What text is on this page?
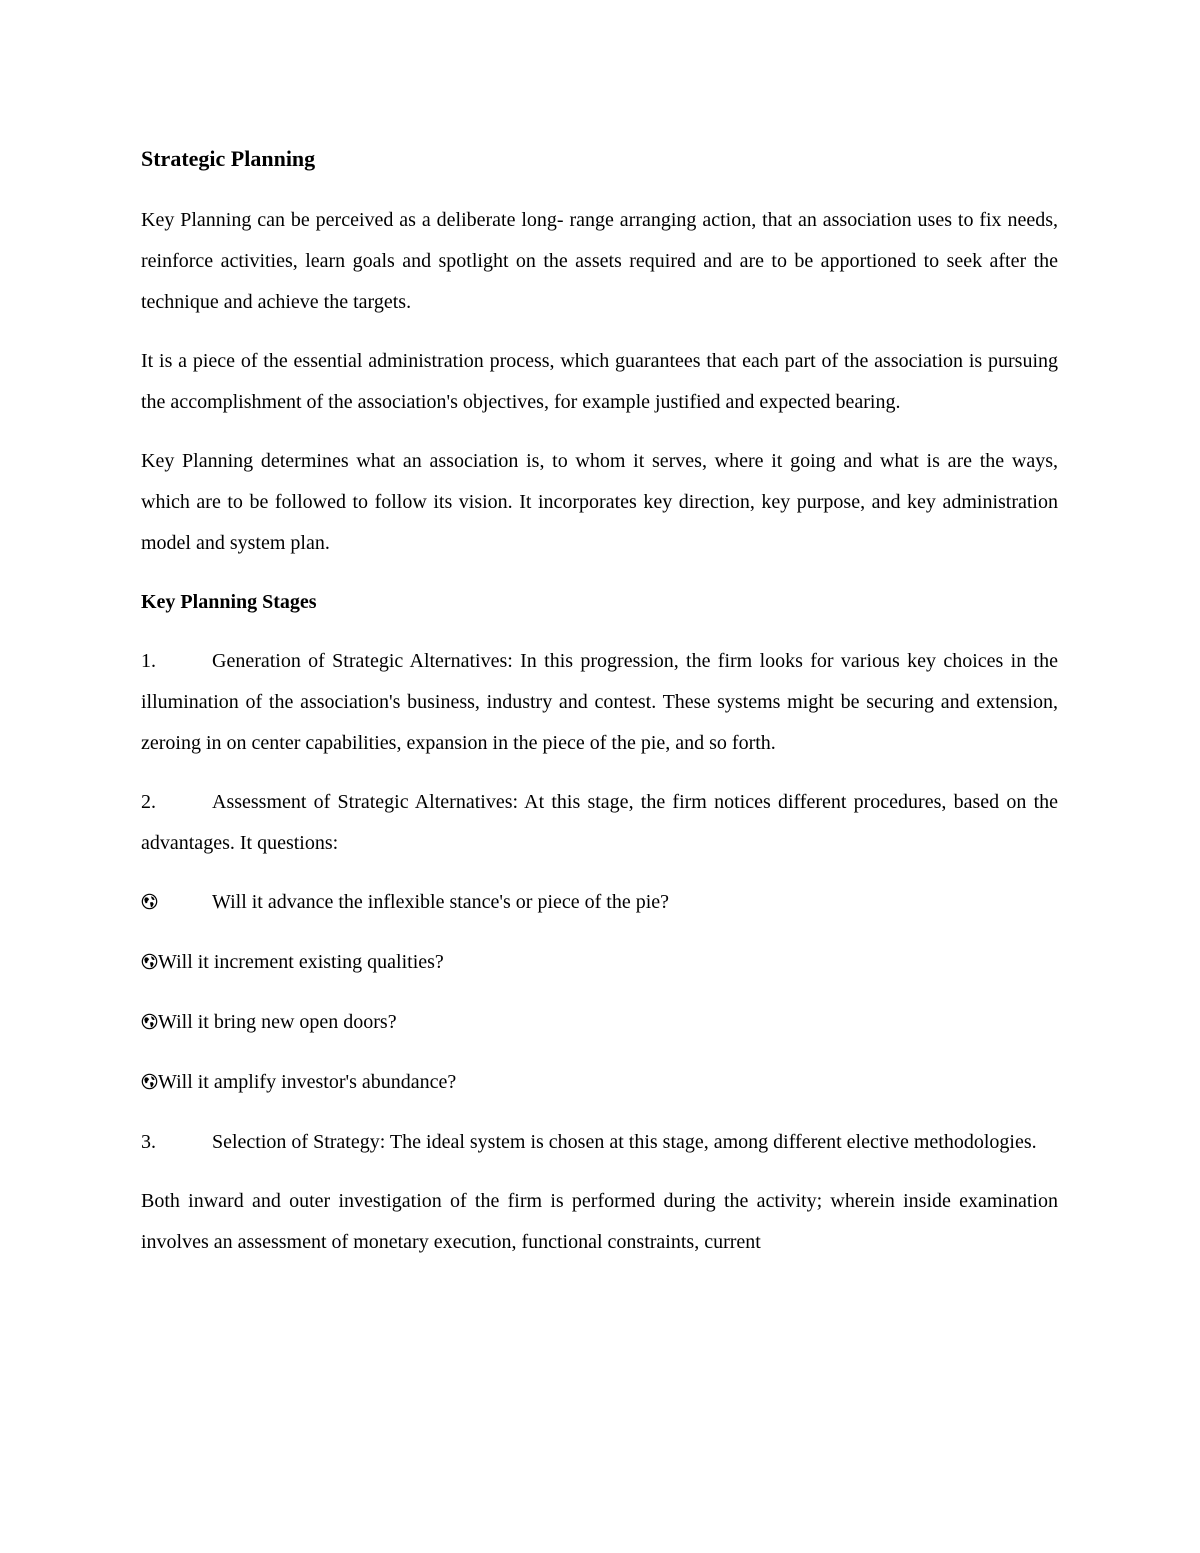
Strategic Planning

Key Planning can be perceived as a deliberate long- range arranging action, that an association uses to fix needs, reinforce activities, learn goals and spotlight on the assets required and are to be apportioned to seek after the technique and achieve the targets.

It is a piece of the essential administration process, which guarantees that each part of the association is pursuing the accomplishment of the association's objectives, for example justified and expected bearing.

Key Planning determines what an association is, to whom it serves, where it going and what is are the ways, which are to be followed to follow its vision. It incorporates key direction, key purpose, and key administration model and system plan.

Key Planning Stages

1.	Generation of Strategic Alternatives: In this progression, the firm looks for various key choices in the illumination of the association's business, industry and contest. These systems might be securing and extension, zeroing in on center capabilities, expansion in the piece of the pie, and so forth.

2.	Assessment of Strategic Alternatives: At this stage, the firm notices different procedures, based on the advantages. It questions:

Will it advance the inflexible stance's or piece of the pie?

Will it increment existing qualities?

Will it bring new open doors?

Will it amplify investor's abundance?

3.	Selection of Strategy: The ideal system is chosen at this stage, among different elective methodologies.

Both inward and outer investigation of the firm is performed during the activity; wherein inside examination involves an assessment of monetary execution, functional constraints, current
